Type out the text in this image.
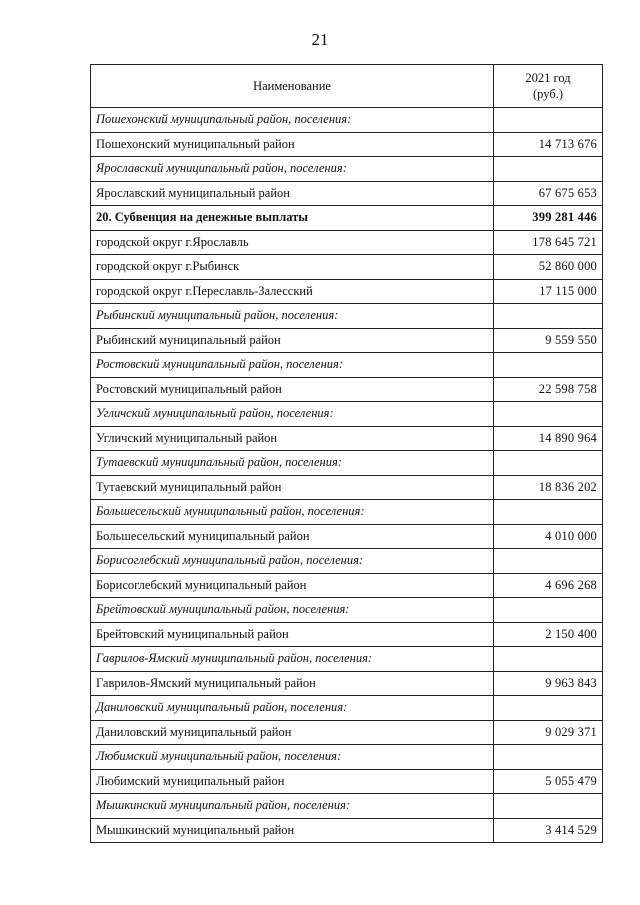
21
Наименование	2021 год
(руб.)

Пошехонский муниципальный район, поселения:	
Пошехонский муниципальный район	14 713 676
Ярославский муниципальный район, поселения:	
Ярославский муниципальный район	67 675 653
20. Субвенция на денежные выплаты	399 281 446
городской округ г.Ярославль	178 645 721
городской округ г.Рыбинск	52 860 000
городской округ г.Переславль-Залесский	17 115 000
Рыбинский муниципальный район, поселения:	
Рыбинский муниципальный район	9 559 550
Ростовский муниципальный район, поселения:	
Ростовский муниципальный район	22 598 758
Угличский муниципальный район, поселения:	
Угличский муниципальный район	14 890 964
Тутаевский муниципальный район, поселения:	
Тутаевский муниципальный район	18 836 202
Большесельский муниципальный район, поселения:	
Большесельский муниципальный район	4 010 000
Борисоглебский муниципальный район, поселения:	
Борисоглебский муниципальный район	4 696 268
Брейтовский муниципальный район, поселения:	
Брейтовский муниципальный район	2 150 400
Гаврилов-Ямский муниципальный район, поселения:	
Гаврилов-Ямский муниципальный район	9 963 843
Даниловский муниципальный район, поселения:	
Даниловский муниципальный район	9 029 371
Любимский муниципальный район, поселения:	
Любимский муниципальный район	5 055 479
Мышкинский муниципальный район, поселения:	
Мышкинский муниципальный район	3 414 529
